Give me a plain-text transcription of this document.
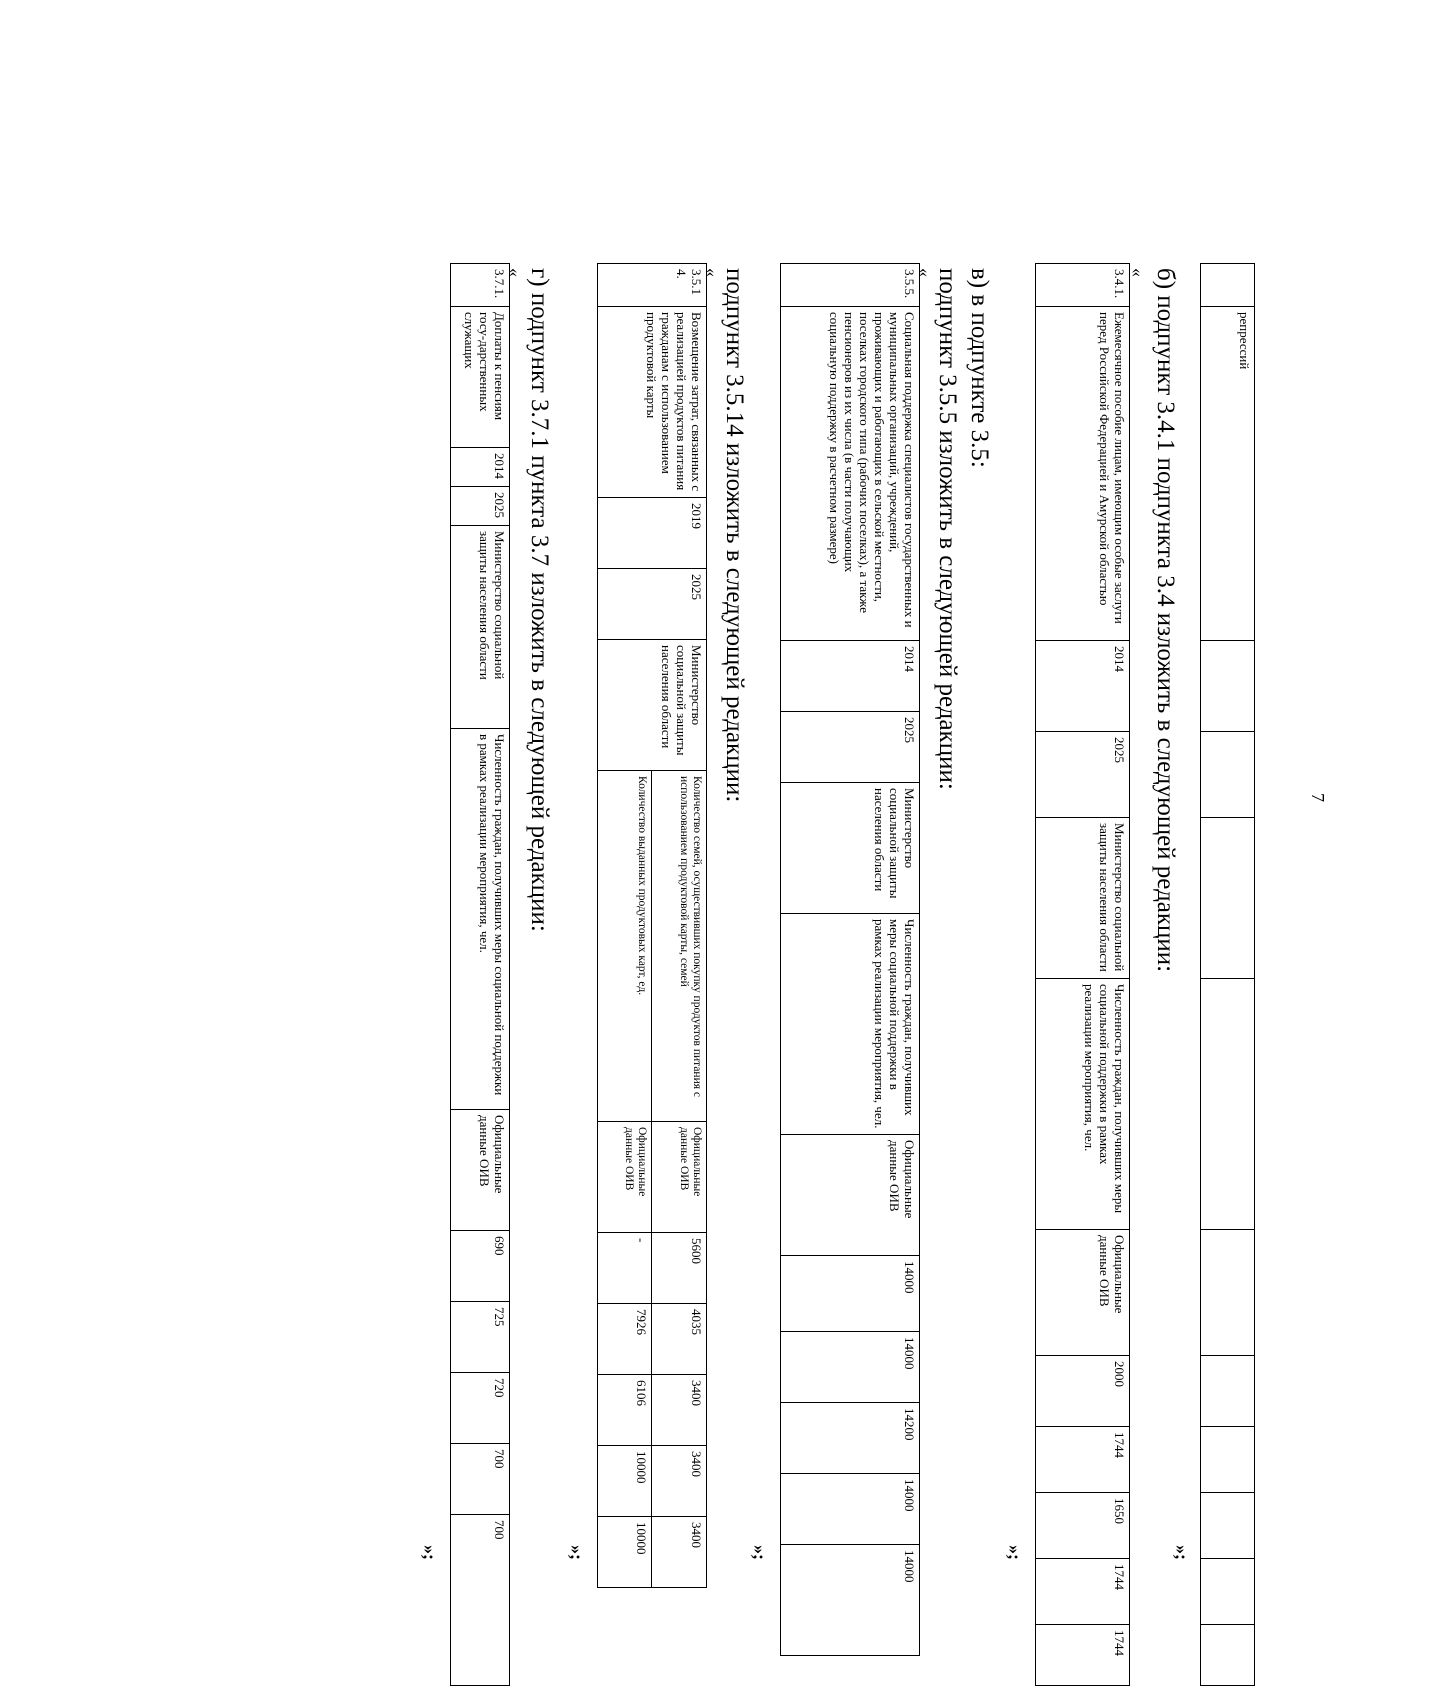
7
	репрессий										
»;
б) подпункт 3.4.1 подпункта 3.4 изложить в следующей редакции:
«
3.4.1.	Ежемесячное пособие лицам, имеющим особые заслуги перед Российской Федерацией и Амурской областью	2014	2025	Министерство социальной защиты населения области	Численность граждан, получивших меры социальной поддержки в рамках реализации мероприятия, чел.	Официальные данные ОИВ	2000	1744	1650	1744	1744
»;
в) в подпункте 3.5:
подпункт 3.5.5 изложить в следующей редакции:
«
3.5.5.	Социальная поддержка специалистов государственных и муниципальных организаций, учреждений, проживающих и работающих в сельской местности, поселках городского типа (рабочих поселках), а также пенсионеров из их числа (в части получающих социальную поддержку в расчетном размере)	2014	2025	Министерство социальной защиты населения области	Численность граждан, получивших меры социальной поддержки в рамках реализации мероприятия, чел.	Официальные данные ОИВ	14000	14000	14200	14000	14000
»;
подпункт 3.5.14 изложить в следующей редакции:
«
3.5.14.	Возмещение затрат, связанных с реализацией продуктов питания гражданам с использованием продуктовой карты	2019	2025	Министерство социальной защиты населения области	Количество семей, осуществивших покупку продуктов питания с использованием продуктовой карты, семей	Официальные данные ОИВ	5600	4035	3400	3400	3400
					Количество выданных продуктовых карт, ед.	Официальные данные ОИВ	-	7926	6106	10000	10000
»;
г) подпункт 3.7.1 пункта 3.7 изложить в следующей редакции:
«
3.7.1.	Доплаты к пенсиям госу-дарственных служащих	2014	2025	Министерство социальной защиты населения области	Численность граждан, получивших меры социальной поддержки в рамках реализации мероприятия, чел.	Официальные данные ОИВ	690	725	720	700	700
»;
